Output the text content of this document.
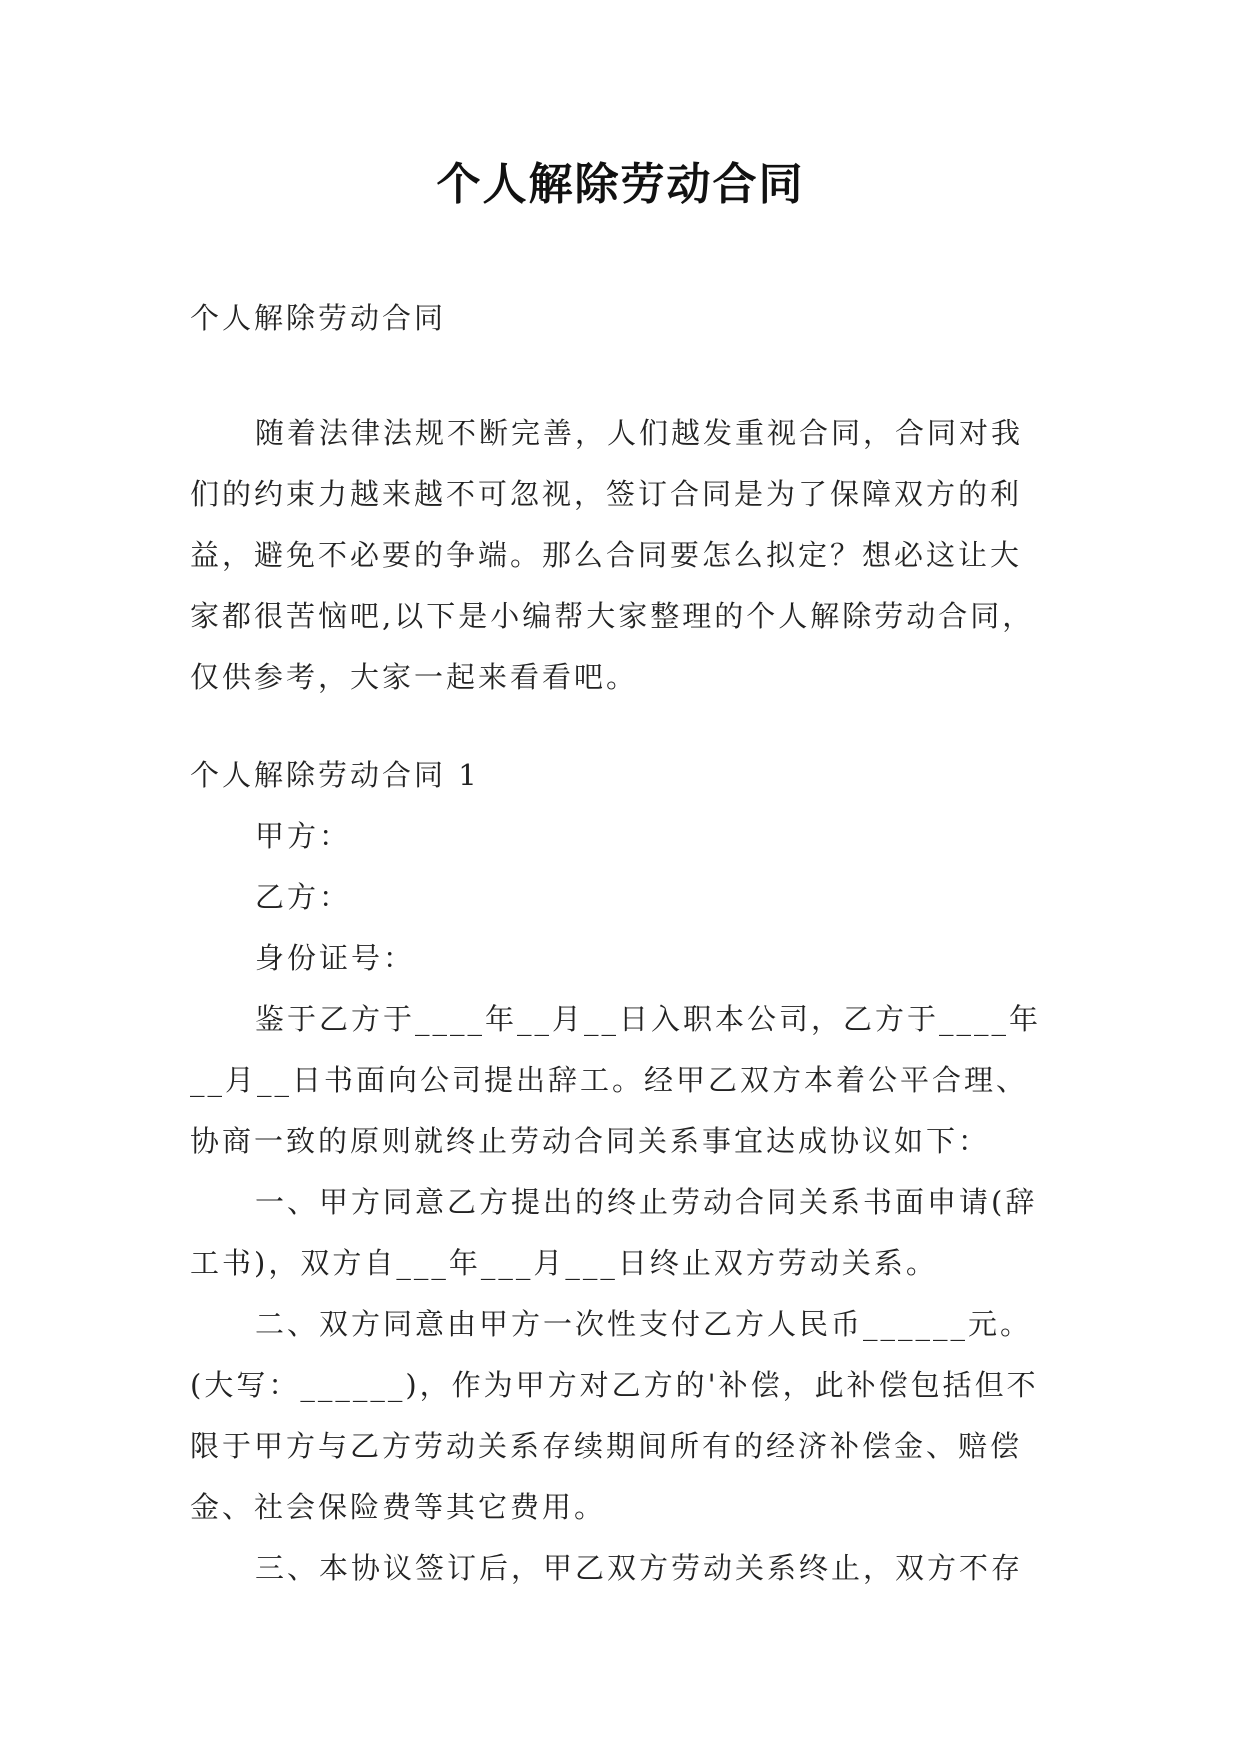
个人解除劳动合同

个人解除劳动合同

随着法律法规不断完善，人们越发重视合同，合同对我们的约束力越来越不可忽视，签订合同是为了保障双方的利益，避免不必要的争端。那么合同要怎么拟定？想必这让大家都很苦恼吧,以下是小编帮大家整理的个人解除劳动合同，仅供参考，大家一起来看看吧。

个人解除劳动合同 1

甲方：

乙方：

身份证号：

鉴于乙方于____年__月__日入职本公司，乙方于____年__月__日书面向公司提出辞工。经甲乙双方本着公平合理、协商一致的原则就终止劳动合同关系事宜达成协议如下：

一、甲方同意乙方提出的终止劳动合同关系书面申请(辞工书)，双方自___年___月___日终止双方劳动关系。

二、双方同意由甲方一次性支付乙方人民币______元。(大写：______)，作为甲方对乙方的'补偿，此补偿包括但不限于甲方与乙方劳动关系存续期间所有的经济补偿金、赔偿金、社会保险费等其它费用。

三、本协议签订后，甲乙双方劳动关系终止，双方不存
